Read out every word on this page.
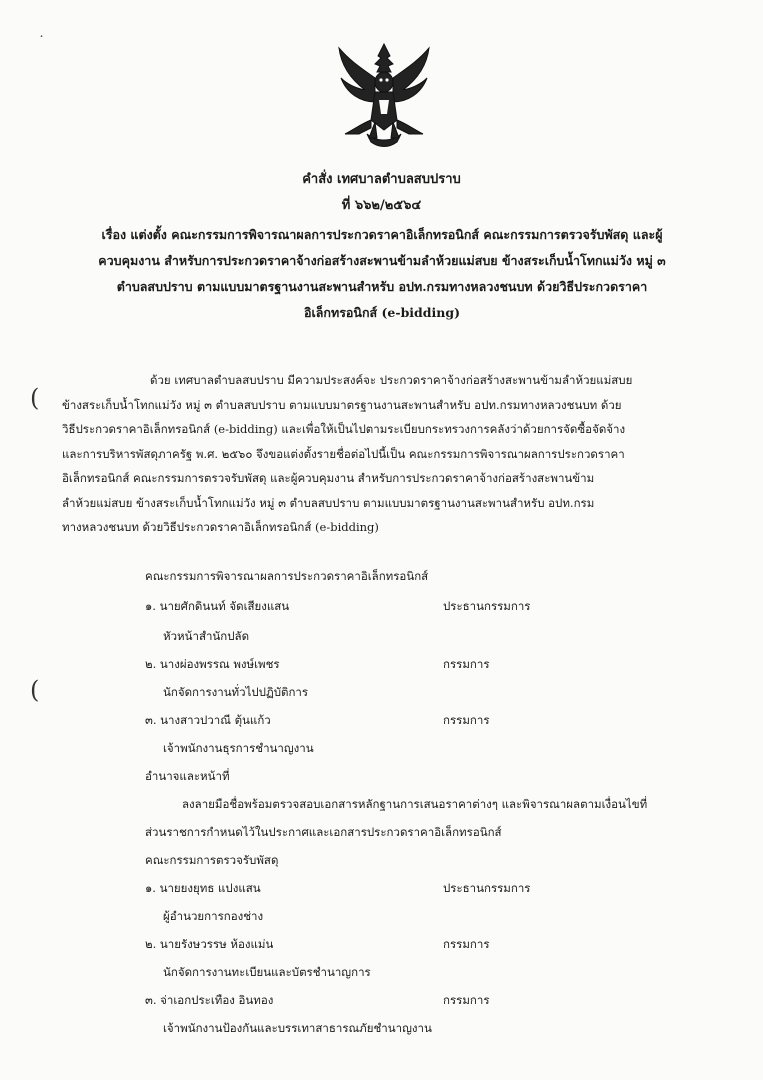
˙
คำสั่ง เทศบาลตำบลสบปราบ
ที่ ๖๖๒/๒๕๖๔
เรื่อง แต่งตั้ง คณะกรรมการพิจารณาผลการประกวดราคาอิเล็กทรอนิกส์ คณะกรรมการตรวจรับพัสดุ และผู้
ควบคุมงาน สำหรับการประกวดราคาจ้างก่อสร้างสะพานข้ามลำห้วยแม่สบย ข้างสระเก็บน้ำโทกแม่วัง หมู่ ๓
ตำบลสบปราบ ตามแบบมาตรฐานงานสะพานสำหรับ อปท.กรมทางหลวงชนบท ด้วยวิธีประกวดราคา
อิเล็กทรอนิกส์ (e-bidding)
(
(
ด้วย เทศบาลตำบลสบปราบ มีความประสงค์จะ ประกวดราคาจ้างก่อสร้างสะพานข้ามลำห้วยแม่สบย
ข้างสระเก็บน้ำโทกแม่วัง หมู่ ๓ ตำบลสบปราบ ตามแบบมาตรฐานงานสะพานสำหรับ อปท.กรมทางหลวงชนบท ด้วย
วิธีประกวดราคาอิเล็กทรอนิกส์ (e-bidding) และเพื่อให้เป็นไปตามระเบียบกระทรวงการคลังว่าด้วยการจัดซื้อจัดจ้าง
และการบริหารพัสดุภาครัฐ พ.ศ. ๒๕๖๐ จึงขอแต่งตั้งรายชื่อต่อไปนี้เป็น คณะกรรมการพิจารณาผลการประกวดราคา
อิเล็กทรอนิกส์ คณะกรรมการตรวจรับพัสดุ และผู้ควบคุมงาน สำหรับการประกวดราคาจ้างก่อสร้างสะพานข้าม
ลำห้วยแม่สบย ข้างสระเก็บน้ำโทกแม่วัง หมู่ ๓ ตำบลสบปราบ ตามแบบมาตรฐานงานสะพานสำหรับ อปท.กรม
ทางหลวงชนบท ด้วยวิธีประกวดราคาอิเล็กทรอนิกส์ (e-bidding)
คณะกรรมการพิจารณาผลการประกวดราคาอิเล็กทรอนิกส์
๑. นายศักดินนท์ จัดเสียงแสน	ประธานกรรมการ
หัวหน้าสำนักปลัด
๒. นางผ่องพรรณ พงษ์เพชร	กรรมการ
นักจัดการงานทั่วไปปฏิบัติการ
๓. นางสาวปวาณี ตุ้นแก้ว	กรรมการ
เจ้าพนักงานธุรการชำนาญงาน
อำนาจและหน้าที่
ลงลายมือชื่อพร้อมตรวจสอบเอกสารหลักฐานการเสนอราคาต่างๆ และพิจารณาผลตามเงื่อนไขที่
ส่วนราชการกำหนดไว้ในประกาศและเอกสารประกวดราคาอิเล็กทรอนิกส์
คณะกรรมการตรวจรับพัสดุ
๑. นายยงยุทธ แปงแสน	ประธานกรรมการ
ผู้อำนวยการกองช่าง
๒. นายรังษวรรษ ห้องแม่น	กรรมการ
นักจัดการงานทะเบียนและบัตรชำนาญการ
๓. จ่าเอกประเทือง อินทอง	กรรมการ
เจ้าพนักงานป้องกันและบรรเทาสาธารณภัยชำนาญงาน
